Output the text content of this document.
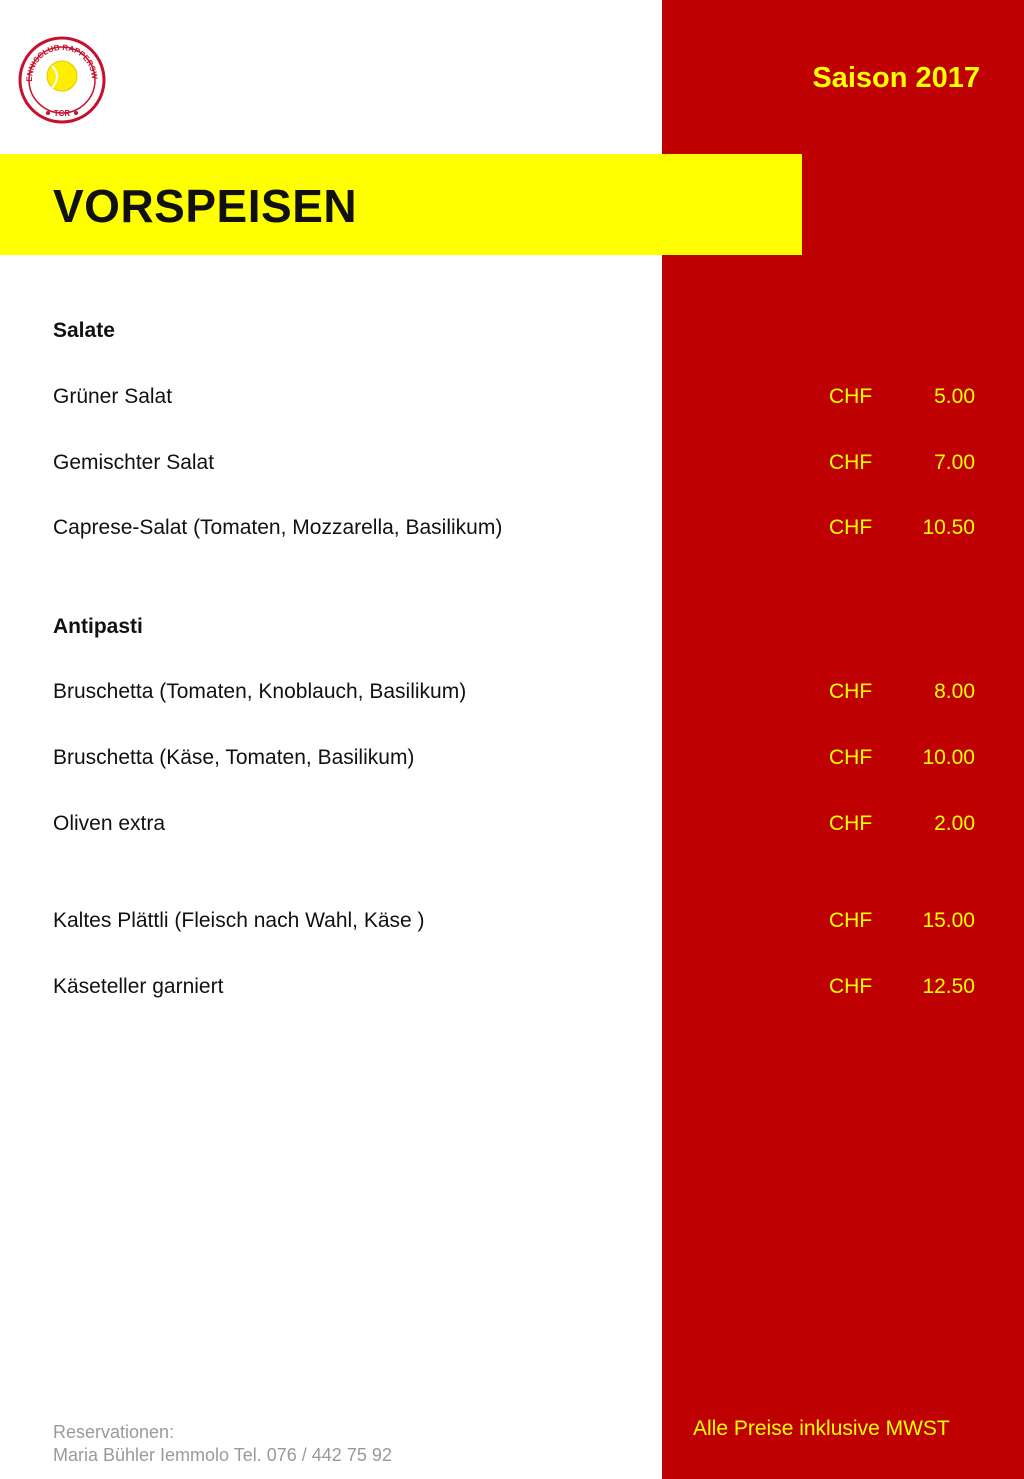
ENNISCLUB RAPPERSW
TCR
Saison 2017
VORSPEISEN
Salate
Grüner Salat	CHF	5.00
Gemischter Salat	CHF	7.00
Caprese-Salat (Tomaten, Mozzarella, Basilikum)	CHF	10.50
Antipasti
Bruschetta (Tomaten, Knoblauch, Basilikum)	CHF	8.00
Bruschetta (Käse, Tomaten, Basilikum)	CHF	10.00
Oliven extra	CHF	2.00
Kaltes Plättli (Fleisch nach Wahl, Käse )	CHF	15.00
Käseteller garniert	CHF	12.50
Reservationen:
Maria Bühler Iemmolo Tel. 076 / 442 75 92
Alle Preise inklusive MWST
